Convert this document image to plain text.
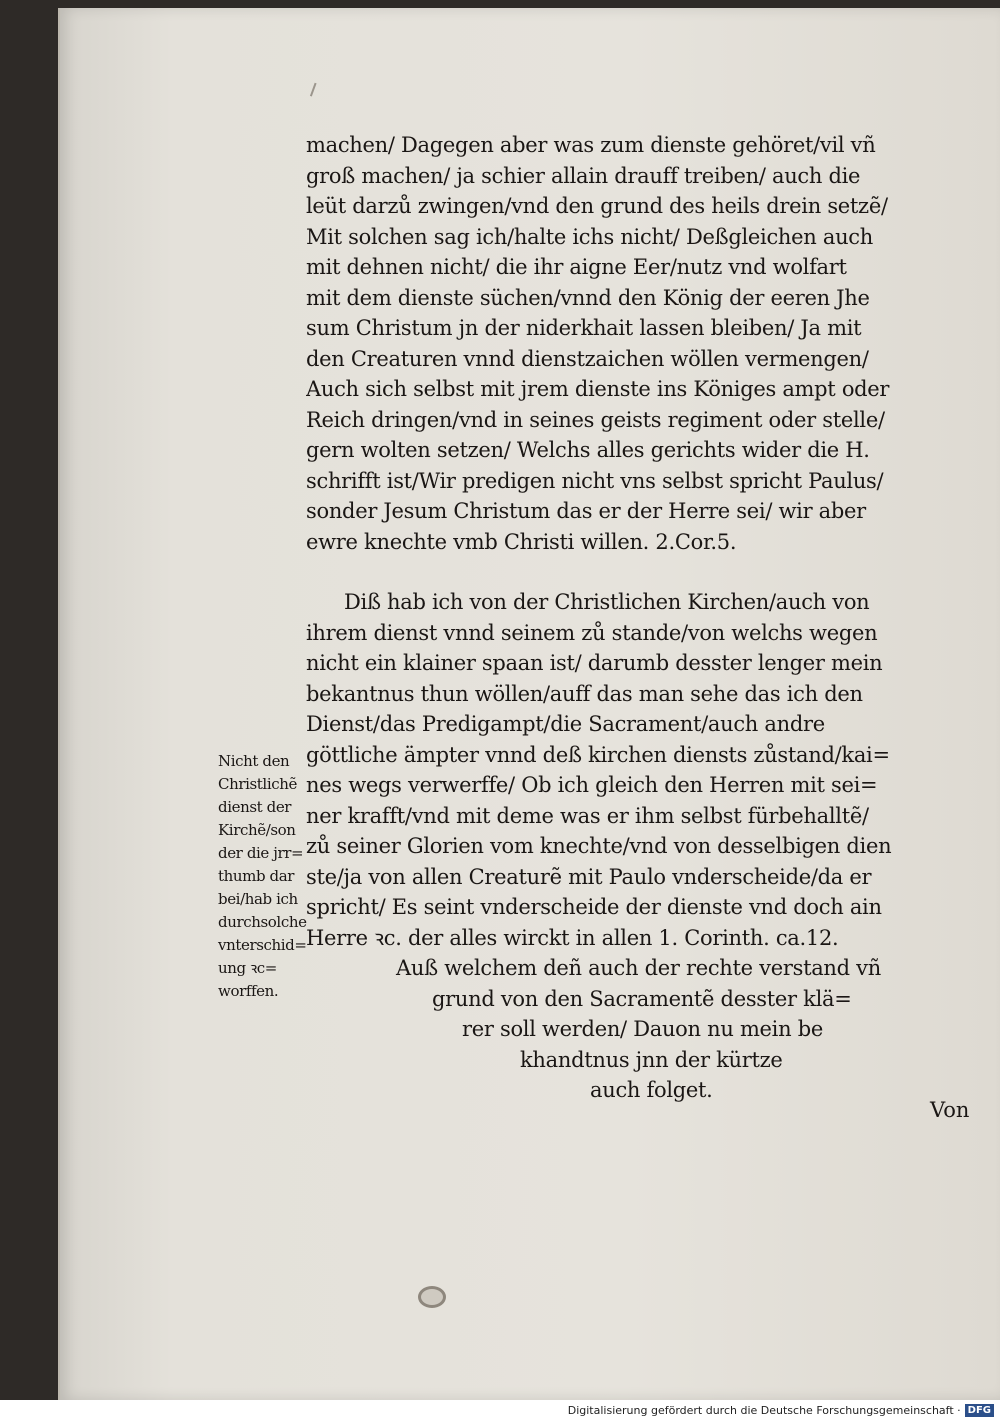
machen/ Dagegen aber was zum dienste gehöret/vil vñ
groß machen/ ja schier allain drauff treiben/ auch die
leüt darzů zwingen/vnd den grund des heils drein setzẽ/
Mit solchen sag ich/halte ichs nicht/ Deßgleichen auch
mit dehnen nicht/ die ihr aigne Eer/nutz vnd wolfart
mit dem dienste süchen/vnnd den König der eeren Jhe
sum Christum jn der niderkhait lassen bleiben/ Ja mit
den Creaturen vnnd dienstzaichen wöllen vermengen/
Auch sich selbst mit jrem dienste ins Königes ampt oder
Reich dringen/vnd in seines geists regiment oder stelle/
gern wolten setzen/ Welchs alles gerichts wider die H.
schrifft ist/Wir predigen nicht vns selbst spricht Paulus/
sonder Jesum Christum das er der Herre sei/ wir aber
ewre knechte vmb Christi willen. 2.Cor.5.
Diß hab ich von der Christlichen Kirchen/auch von
ihrem dienst vnnd seinem zů stande/von welchs wegen
nicht ein klainer spaan ist/ darumb desster lenger mein
bekantnus thun wöllen/auff das man sehe das ich den
Dienst/das Predigampt/die Sacrament/auch andre
göttliche ämpter vnnd deß kirchen diensts zůstand/kai=
nes wegs verwerffe/ Ob ich gleich den Herren mit sei=
ner krafft/vnd mit deme was er ihm selbst fürbehalltẽ/
zů seiner Glorien vom knechte/vnd von desselbigen dien
ste/ja von allen Creaturẽ mit Paulo vnderscheide/da er
spricht/ Es seint vnderscheide der dienste vnd doch ain
Herre ꝛc. der alles wirckt in allen 1. Corinth. ca.12.
Auß welchem deñ auch der rechte verstand vñ
grund von den Sacramentẽ desster klä=
rer soll werden/ Dauon nu mein be
khandtnus jnn der kürtze
auch folget.
Von
Nicht den
Christlichẽ
dienst der
Kirchẽ/son
der die jrr=
thumb dar
bei/hab ich
durchsolche
vnterschid=
ung ꝛc=
worffen.
Digitalisierung gefördert durch die Deutsche Forschungsgemeinschaft · DFG
